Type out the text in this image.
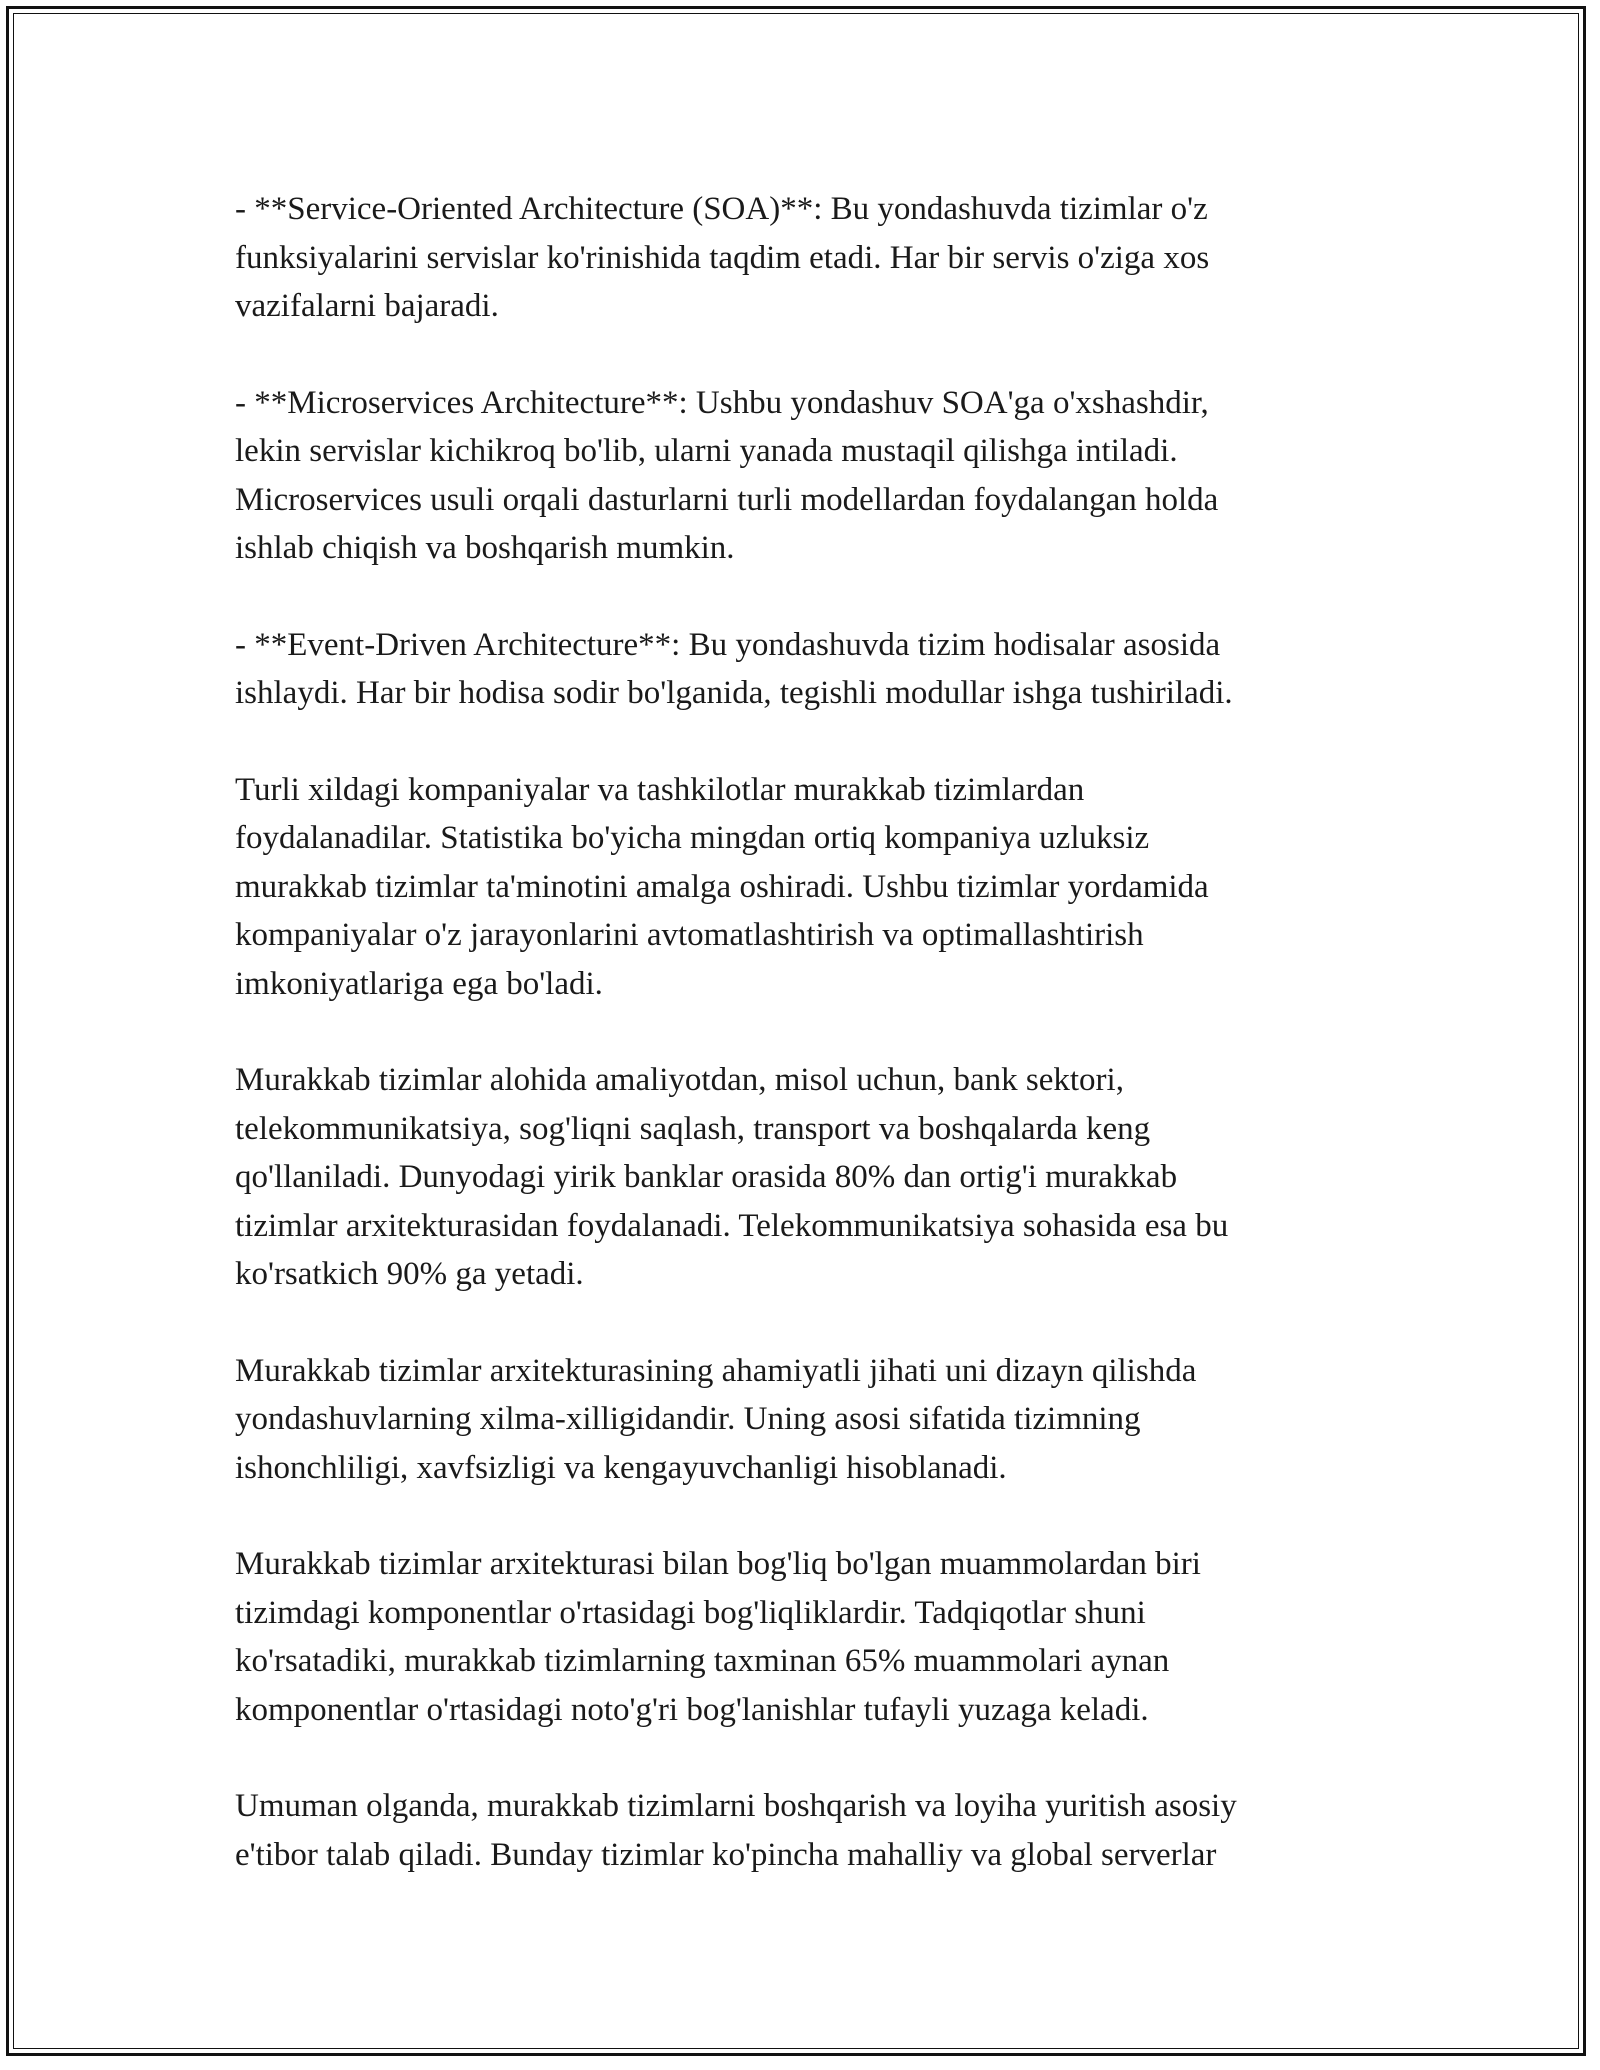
- **Service-Oriented Architecture (SOA)**: Bu yondashuvda tizimlar o'z
funksiyalarini servislar ko'rinishida taqdim etadi. Har bir servis o'ziga xos
vazifalarni bajaradi.

- **Microservices Architecture**: Ushbu yondashuv SOA'ga o'xshashdir,
lekin servislar kichikroq bo'lib, ularni yanada mustaqil qilishga intiladi.
Microservices usuli orqali dasturlarni turli modellardan foydalangan holda
ishlab chiqish va boshqarish mumkin.

- **Event-Driven Architecture**: Bu yondashuvda tizim hodisalar asosida
ishlaydi. Har bir hodisa sodir bo'lganida, tegishli modullar ishga tushiriladi.

Turli xildagi kompaniyalar va tashkilotlar murakkab tizimlardan
foydalanadilar. Statistika bo'yicha mingdan ortiq kompaniya uzluksiz
murakkab tizimlar ta'minotini amalga oshiradi. Ushbu tizimlar yordamida
kompaniyalar o'z jarayonlarini avtomatlashtirish va optimallashtirish
imkoniyatlariga ega bo'ladi.

Murakkab tizimlar alohida amaliyotdan, misol uchun, bank sektori,
telekommunikatsiya, sog'liqni saqlash, transport va boshqalarda keng
qo'llaniladi. Dunyodagi yirik banklar orasida 80% dan ortig'i murakkab
tizimlar arxitekturasidan foydalanadi. Telekommunikatsiya sohasida esa bu
ko'rsatkich 90% ga yetadi.

Murakkab tizimlar arxitekturasining ahamiyatli jihati uni dizayn qilishda
yondashuvlarning xilma-xilligidandir. Uning asosi sifatida tizimning
ishonchliligi, xavfsizligi va kengayuvchanligi hisoblanadi.

Murakkab tizimlar arxitekturasi bilan bog'liq bo'lgan muammolardan biri
tizimdagi komponentlar o'rtasidagi bog'liqliklardir. Tadqiqotlar shuni
ko'rsatadiki, murakkab tizimlarning taxminan 65% muammolari aynan
komponentlar o'rtasidagi noto'g'ri bog'lanishlar tufayli yuzaga keladi.

Umuman olganda, murakkab tizimlarni boshqarish va loyiha yuritish asosiy
e'tibor talab qiladi. Bunday tizimlar ko'pincha mahalliy va global serverlar
